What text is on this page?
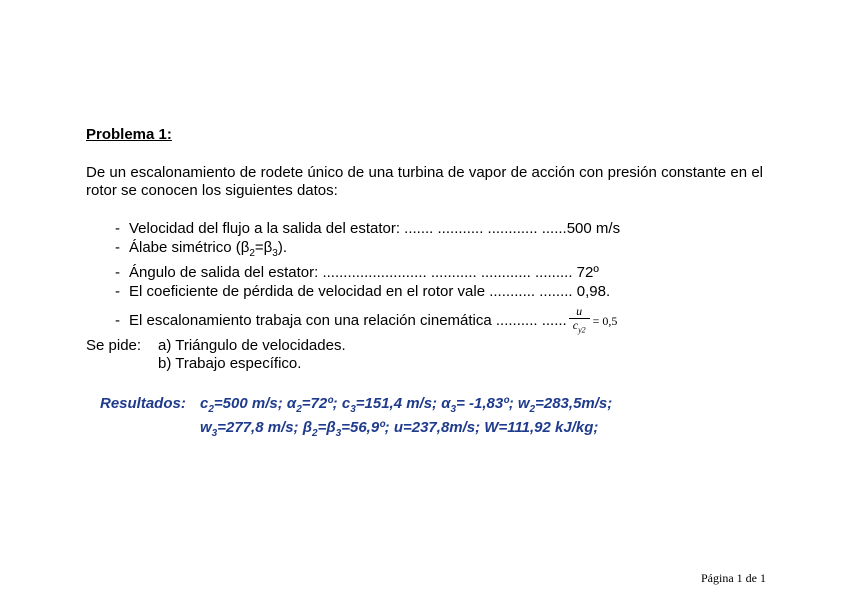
Problema 1:

De un escalonamiento de rodete único de una turbina de vapor de acción con presión constante en el rotor se conocen los siguientes datos:

- Velocidad del flujo a la salida del estator: ....... ........... ............ ......500 m/s
- Álabe simétrico $(\beta_2=\beta_3)$.
- Ángulo de salida del estator: ......................... ........... ............ ......... 72º
- El coeficiente de pérdida de velocidad en el rotor vale ........... ........ 0,98.
- El escalonamiento trabaja con una relación cinemática .......... ...... $\frac{u}{c_{y2}} = 0,5$
Se pide: a) Triángulo de velocidades.
b) Trabajo específico.
Resultados: $c_2=500$ m/s; $\alpha_2=72º$; $c_3=151,4$ m/s; $\alpha_3=$ -1,83º; $w_2=283,5m/s$;
$w_3=277,8$ m/s; $\beta_2=\beta_3=56,9º$; u=237,8m/s; W=111,92 kJ/kg;

Página 1 de 1
